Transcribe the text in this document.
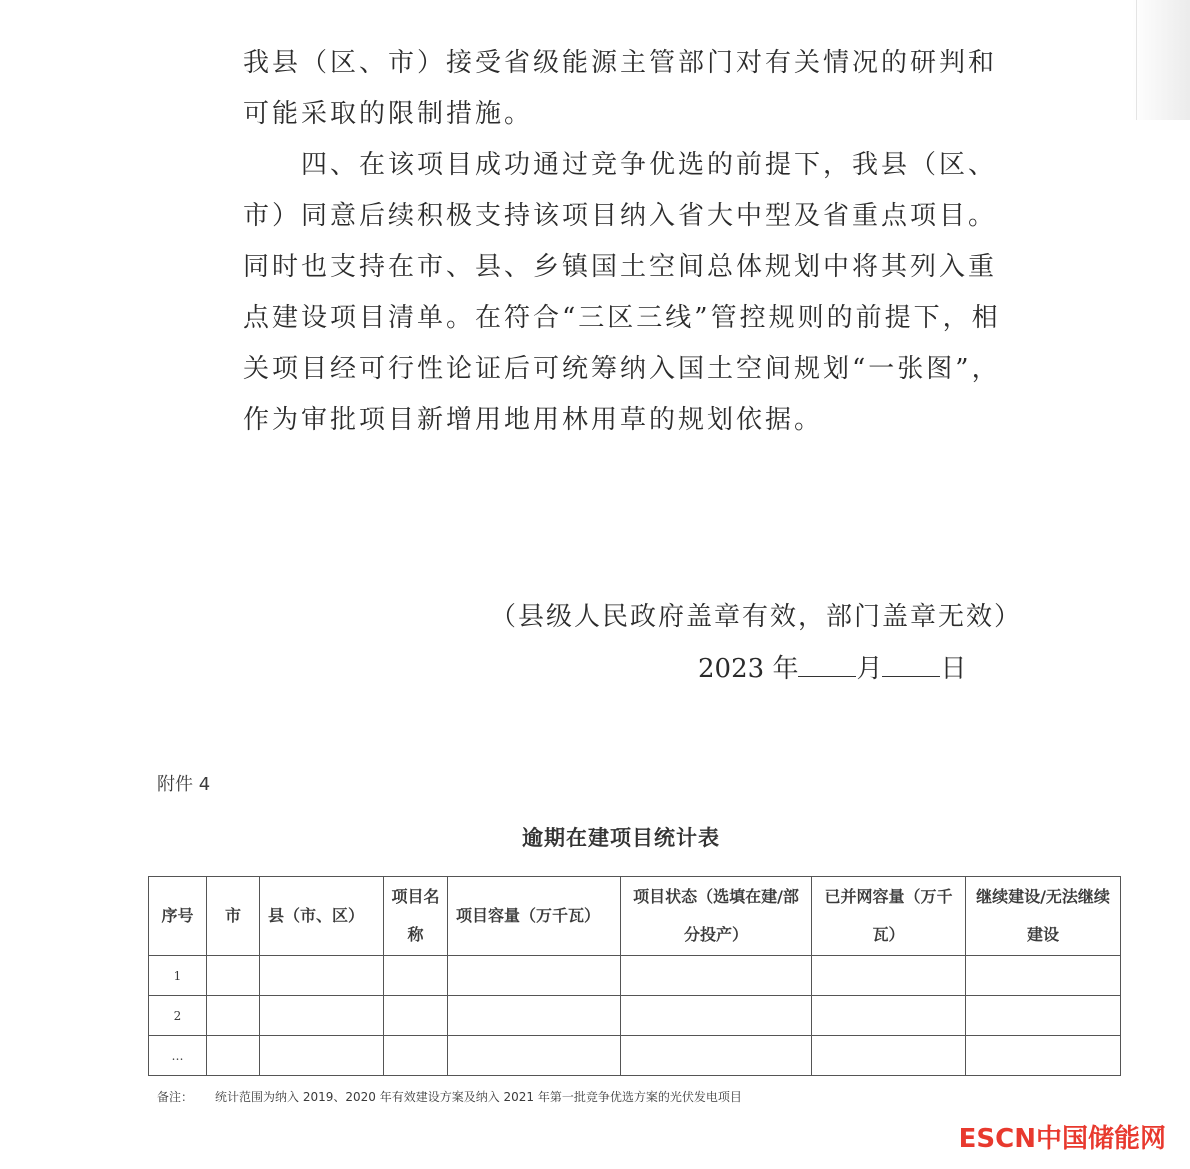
我县（区、市）接受省级能源主管部门对有关情况的研判和可能采取的限制措施。

四、在该项目成功通过竞争优选的前提下，我县（区、市）同意后续积极支持该项目纳入省大中型及省重点项目。同时也支持在市、县、乡镇国土空间总体规划中将其列入重点建设项目清单。在符合“三区三线”管控规则的前提下，相关项目经可行性论证后可统筹纳入国土空间规划“一张图”，作为审批项目新增用地用林用草的规划依据。

（县级人民政府盖章有效，部门盖章无效）
2023 年 月 日
附件 4
逾期在建项目统计表
序号	市	县（市、区）	项目名称	项目容量（万千瓦）	项目状态（选填在建/部分投产）	已并网容量（万千瓦）	继续建设/无法继续建设
1							
2							
…							
备注： 统计范围为纳入 2019、2020 年有效建设方案及纳入 2021 年第一批竞争优选方案的光伏发电项目
ESCN中国储能网
